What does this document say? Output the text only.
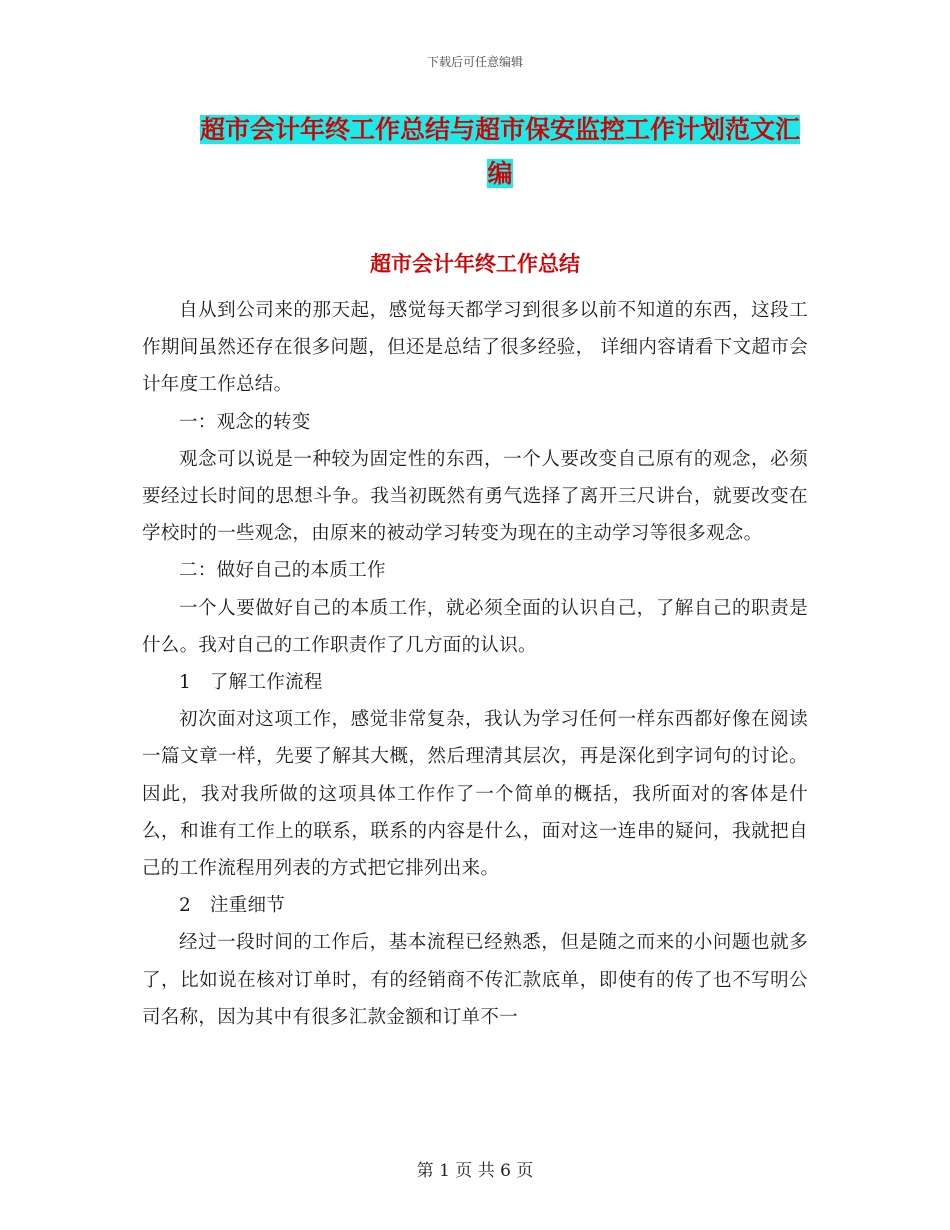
下载后可任意编辑
超市会计年终工作总结与超市保安监控工作计划范文汇编
超市会计年终工作总结

自从到公司来的那天起，感觉每天都学习到很多以前不知道的东西，这段工作期间虽然还存在很多问题，但还是总结了很多经验， 详细内容请看下文超市会计年度工作总结。

一：观念的转变

观念可以说是一种较为固定性的东西，一个人要改变自己原有的观念，必须要经过长时间的思想斗争。我当初既然有勇气选择了离开三尺讲台，就要改变在学校时的一些观念，由原来的被动学习转变为现在的主动学习等很多观念。

二：做好自己的本质工作

一个人要做好自己的本质工作，就必须全面的认识自己，了解自己的职责是什么。我对自己的工作职责作了几方面的认识。

1　了解工作流程

初次面对这项工作，感觉非常复杂，我认为学习任何一样东西都好像在阅读一篇文章一样，先要了解其大概，然后理清其层次，再是深化到字词句的讨论。因此，我对我所做的这项具体工作作了一个简单的概括，我所面对的客体是什么，和谁有工作上的联系，联系的内容是什么，面对这一连串的疑问，我就把自己的工作流程用列表的方式把它排列出来。

2　注重细节

经过一段时间的工作后，基本流程已经熟悉，但是随之而来的小问题也就多了，比如说在核对订单时，有的经销商不传汇款底单，即使有的传了也不写明公司名称，因为其中有很多汇款金额和订单不一

第 1 页 共 6 页
